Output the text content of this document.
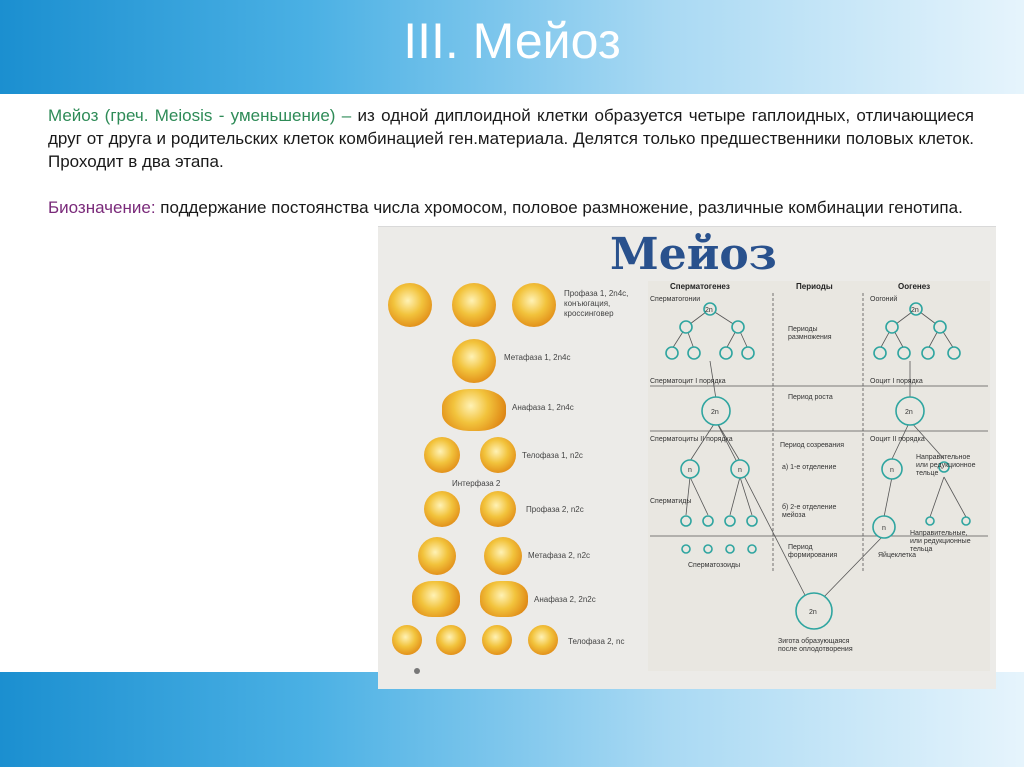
III. Мейоз
Мейоз (греч. Meiosis - уменьшение) – из одной диплоидной клетки образуется четыре гаплоидных, отличающиеся друг от друга и родительских клеток комбинацией ген.материала. Делятся только предшественники половых клеток. Проходит в два этапа.
Биозначение: поддержание постоянства числа хромосом, половое размножение, различные комбинации генотипа.
Мейоз
Профаза 1, 2n4c,
конъюгация,
кроссинговер
Метафаза 1, 2n4c
Анафаза 1, 2n4c
Телофаза 1, n2c
Интерфаза 2
Профаза 2, n2c
Метафаза 2, n2c
Анафаза 2, 2n2c
Телофаза 2, nc
2n	2n
2n	2n
n	n	n
n
2n
Сперматогенез	Периоды	Оогенез
Сперматогонии	Оогоний
Периоды размножения
Сперматоцит I порядка	Ооцит I порядка
Период роста
Сперматоциты II порядка	Ооцит II порядка
Период созревания
а) 1-е отделение
б) 2-е отделение мейоза
Направительное или редукционное тельце
Сперматиды
Период формирования
Направительные, или редукционные тельца
Сперматозоиды
Яйцеклетка
Зигота образующаяся после оплодотворения
